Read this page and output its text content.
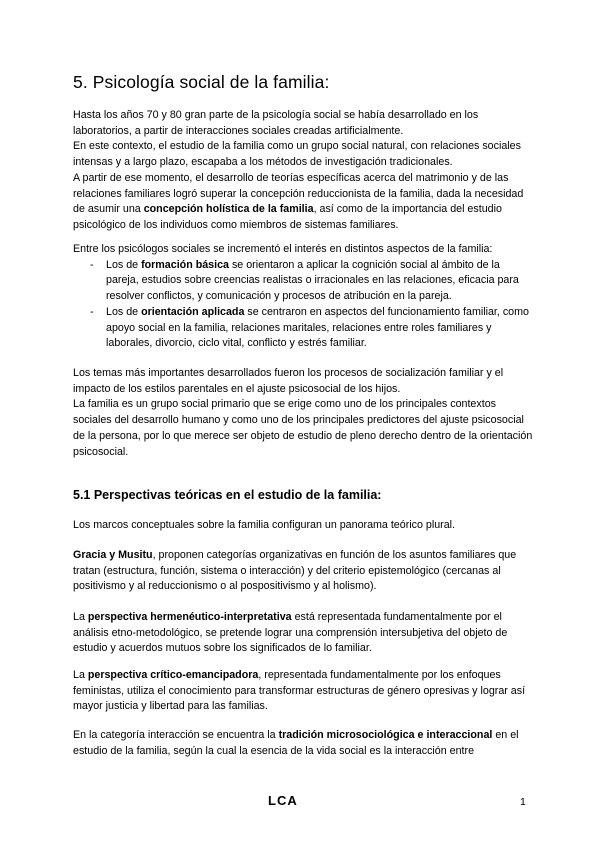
5. Psicología social de la familia:

Hasta los años 70 y 80 gran parte de la psicología social se había desarrollado en los laboratorios, a partir de interacciones sociales creadas artificialmente.

En este contexto, el estudio de la familia como un grupo social natural, con relaciones sociales intensas y a largo plazo, escapaba a los métodos de investigación tradicionales.

A partir de ese momento, el desarrollo de teorías específicas acerca del matrimonio y de las relaciones familiares logró superar la concepción reduccionista de la familia, dada la necesidad de asumir una concepción holística de la familia, así como de la importancia del estudio psicológico de los individuos como miembros de sistemas familiares.

Entre los psicólogos sociales se incrementó el interés en distintos aspectos de la familia:

- Los de formación básica se orientaron a aplicar la cognición social al ámbito de la pareja, estudios sobre creencias realistas o irracionales en las relaciones, eficacia para resolver conflictos, y comunicación y procesos de atribución en la pareja.
- Los de orientación aplicada se centraron en aspectos del funcionamiento familiar, como apoyo social en la familia, relaciones maritales, relaciones entre roles familiares y laborales, divorcio, ciclo vital, conflicto y estrés familiar.

Los temas más importantes desarrollados fueron los procesos de socialización familiar y el impacto de los estilos parentales en el ajuste psicosocial de los hijos.

La familia es un grupo social primario que se erige como uno de los principales contextos sociales del desarrollo humano y como uno de los principales predictores del ajuste psicosocial de la persona, por lo que merece ser objeto de estudio de pleno derecho dentro de la orientación psicosocial.

5.1 Perspectivas teóricas en el estudio de la familia:

Los marcos conceptuales sobre la familia configuran un panorama teórico plural.

Gracia y Musitu, proponen categorías organizativas en función de los asuntos familiares que tratan (estructura, función, sistema o interacción) y del criterio epistemológico (cercanas al positivismo y al reduccionismo o al pospositivismo y al holismo).

La perspectiva hermenéutico-interpretativa está representada fundamentalmente por el análisis etno-metodológico, se pretende lograr una comprensión intersubjetiva del objeto de estudio y acuerdos mutuos sobre los significados de lo familiar.

La perspectiva crítico-emancipadora, representada fundamentalmente por los enfoques feministas, utiliza el conocimiento para transformar estructuras de género opresivas y lograr así mayor justicia y libertad para las familias.

En la categoría interacción se encuentra la tradición microsociológica e interaccional en el estudio de la familia, según la cual la esencia de la vida social es la interacción entre

LCA	1
